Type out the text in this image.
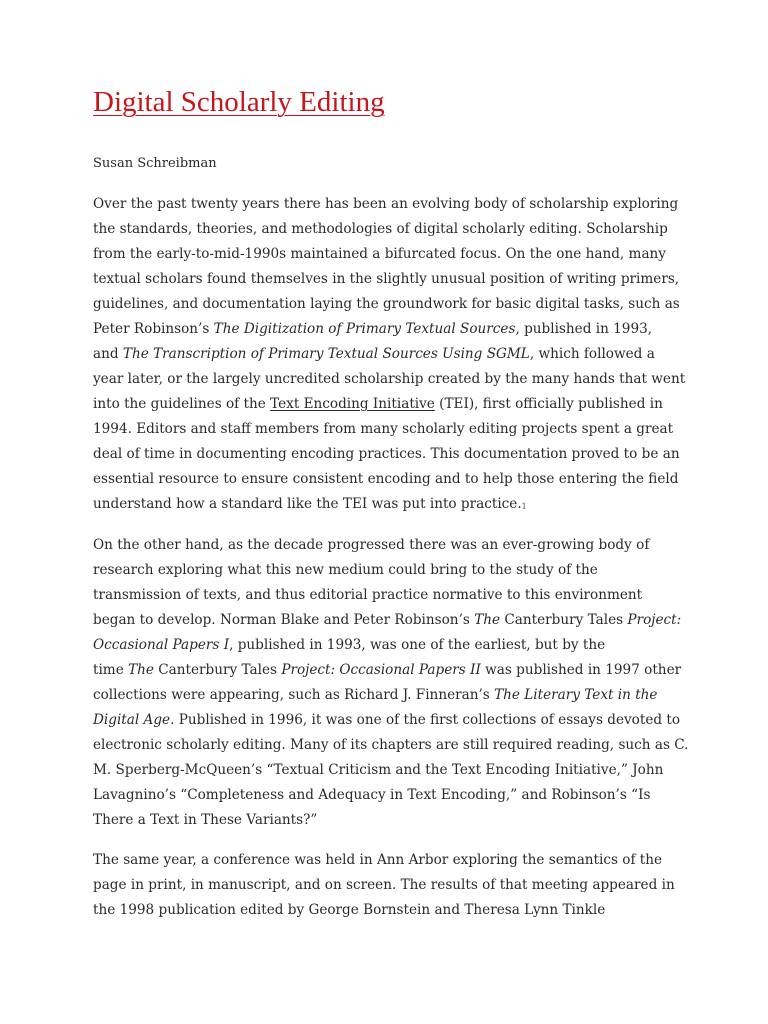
Digital Scholarly Editing

Susan Schreibman

Over the past twenty years there has been an evolving body of scholarship exploring
the standards, theories, and methodologies of digital scholarly editing. Scholarship
from the early-to-mid-1990s maintained a bifurcated focus. On the one hand, many
textual scholars found themselves in the slightly unusual position of writing primers,
guidelines, and documentation laying the groundwork for basic digital tasks, such as
Peter Robinson’s The Digitization of Primary Textual Sources, published in 1993,
and The Transcription of Primary Textual Sources Using SGML, which followed a
year later, or the largely uncredited scholarship created by the many hands that went
into the guidelines of the Text Encoding Initiative (TEI), first officially published in
1994. Editors and staff members from many scholarly editing projects spent a great
deal of time in documenting encoding practices. This documentation proved to be an
essential resource to ensure consistent encoding and to help those entering the field
understand how a standard like the TEI was put into practice.1

On the other hand, as the decade progressed there was an ever-growing body of
research exploring what this new medium could bring to the study of the
transmission of texts, and thus editorial practice normative to this environment
began to develop. Norman Blake and Peter Robinson’s The Canterbury Tales Project:
Occasional Papers I, published in 1993, was one of the earliest, but by the
time The Canterbury Tales Project: Occasional Papers II was published in 1997 other
collections were appearing, such as Richard J. Finneran’s The Literary Text in the
Digital Age. Published in 1996, it was one of the first collections of essays devoted to
electronic scholarly editing. Many of its chapters are still required reading, such as C.
M. Sperberg-McQueen’s “Textual Criticism and the Text Encoding Initiative,” John
Lavagnino’s “Completeness and Adequacy in Text Encoding,” and Robinson’s “Is
There a Text in These Variants?”

The same year, a conference was held in Ann Arbor exploring the semantics of the
page in print, in manuscript, and on screen. The results of that meeting appeared in
the 1998 publication edited by George Bornstein and Theresa Lynn Tinkle
